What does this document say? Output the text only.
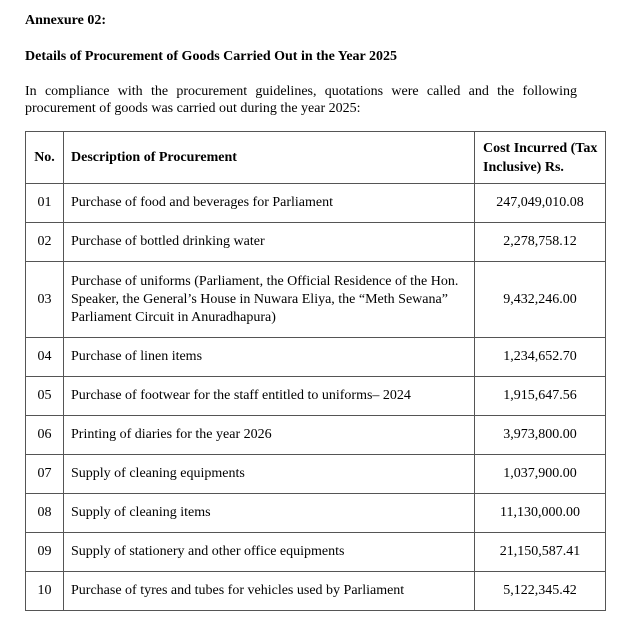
Annexure 02:
Details of Procurement of Goods Carried Out in the Year 2025
In compliance with the procurement guidelines, quotations were called and the following procurement of goods was carried out during the year 2025:
No.	Description of Procurement	Cost Incurred (Tax Inclusive) Rs.
01	Purchase of food and beverages for Parliament	247,049,010.08
02	Purchase of bottled drinking water	2,278,758.12
03	Purchase of uniforms (Parliament, the Official Residence of the Hon. Speaker, the General’s House in Nuwara Eliya, the “Meth Sewana” Parliament Circuit in Anuradhapura)	9,432,246.00
04	Purchase of linen items	1,234,652.70
05	Purchase of footwear for the staff entitled to uniforms– 2024	1,915,647.56
06	Printing of diaries for the year 2026	3,973,800.00
07	Supply of cleaning equipments	1,037,900.00
08	Supply of cleaning items	11,130,000.00
09	Supply of stationery and other office equipments	21,150,587.41
10	Purchase of tyres and tubes for vehicles used by Parliament	5,122,345.42
